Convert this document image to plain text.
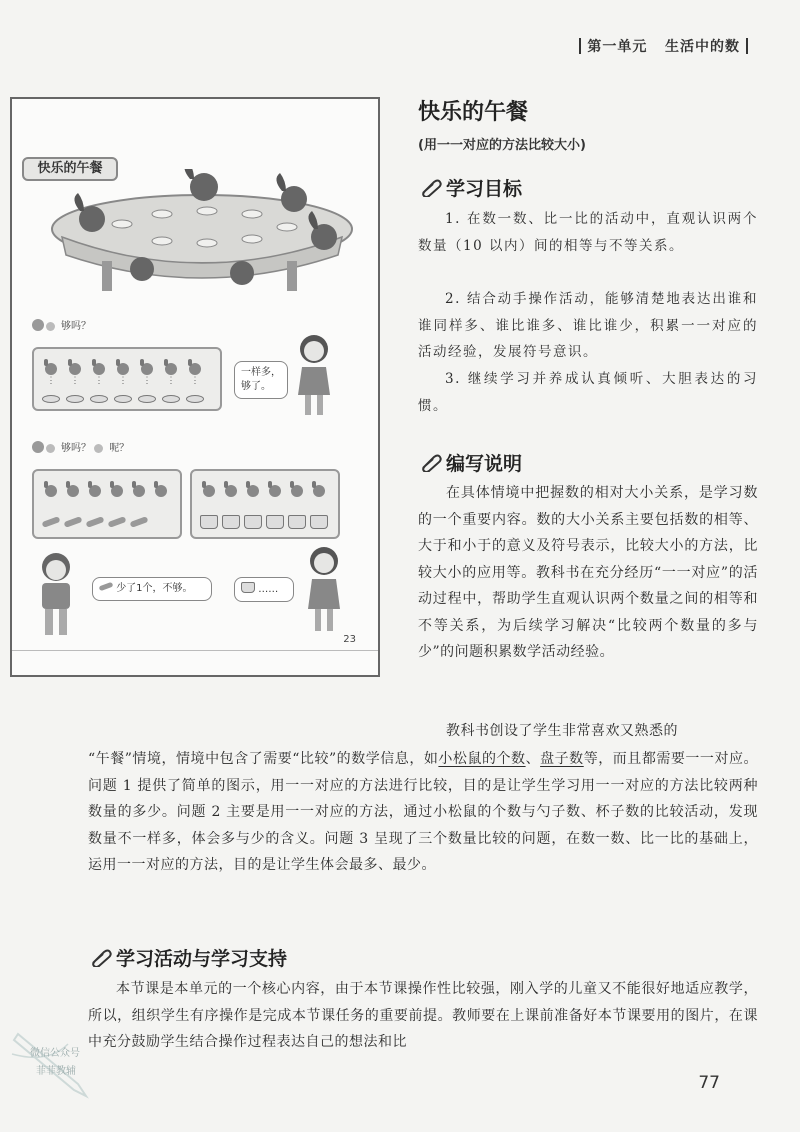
第一单元 生活中的数
快乐的午餐
够吗？
⋮	⋮	⋮	⋮	⋮	⋮	⋮
一样多，
够了。
够吗？ 呢？
少了1个，不够。	……
23
快乐的午餐
(用一一对应的方法比较大小)
学习目标
1. 在数一数、比一比的活动中，直观认识两个数量（10 以内）间的相等与不等关系。
2. 结合动手操作活动，能够清楚地表达出谁和谁同样多、谁比谁多、谁比谁少，积累一一对应的活动经验，发展符号意识。
3. 继续学习并养成认真倾听、大胆表达的习惯。
编写说明
在具体情境中把握数的相对大小关系，是学习数的一个重要内容。数的大小关系主要包括数的相等、大于和小于的意义及符号表示，比较大小的方法，比较大小的应用等。教科书在充分经历“一一对应”的活动过程中，帮助学生直观认识两个数量之间的相等和不等关系，为后续学习解决“比较两个数量的多与少”的问题积累数学活动经验。
教科书创设了学生非常喜欢又熟悉的
“午餐”情境，情境中包含了需要“比较”的数学信息，如小松鼠的个数、盘子数等，而且都需要一一对应。问题 1 提供了简单的图示，用一一对应的方法进行比较，目的是让学生学习用一一对应的方法比较两种数量的多少。问题 2 主要是用一一对应的方法，通过小松鼠的个数与勺子数、杯子数的比较活动，发现数量不一样多，体会多与少的含义。问题 3 呈现了三个数量比较的问题，在数一数、比一比的基础上，运用一一对应的方法，目的是让学生体会最多、最少。
学习活动与学习支持
本节课是本单元的一个核心内容，由于本节课操作性比较强，刚入学的儿童又不能很好地适应教学，所以，组织学生有序操作是完成本节课任务的重要前提。教师要在上课前准备好本节课要用的图片，在课中充分鼓励学生结合操作过程表达自己的想法和比
微信公众号
菲菲教辅
77
